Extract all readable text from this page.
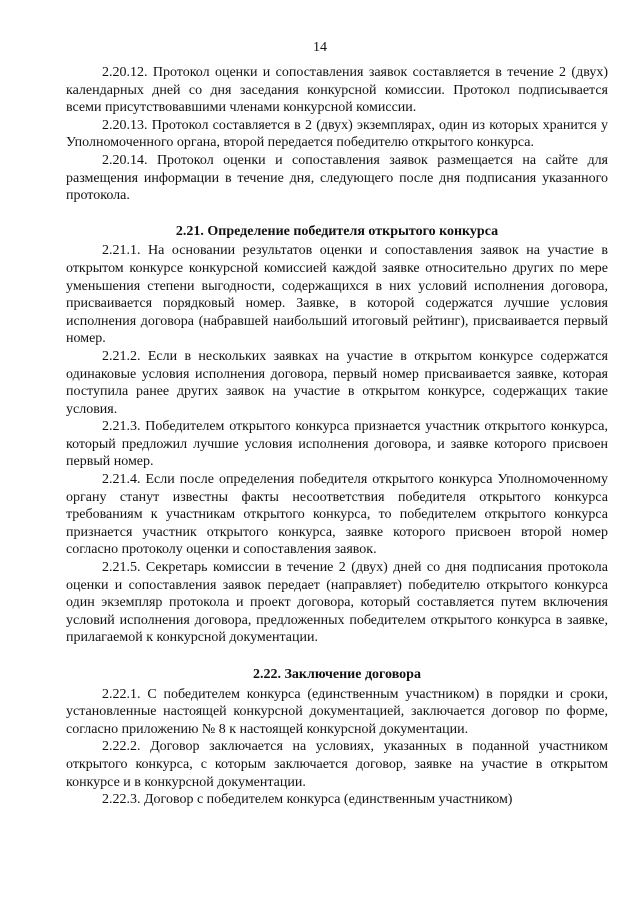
14

2.20.12. Протокол оценки и сопоставления заявок составляется в течение 2 (двух) календарных дней со дня заседания конкурсной комиссии. Протокол подписывается всеми присутствовавшими членами конкурсной комиссии.

2.20.13. Протокол составляется в 2 (двух) экземплярах, один из которых хранится у Уполномоченного органа, второй передается победителю открытого конкурса.

2.20.14. Протокол оценки и сопоставления заявок размещается на сайте для размещения информации в течение дня, следующего после дня подписания указанного протокола.

2.21. Определение победителя открытого конкурса

2.21.1. На основании результатов оценки и сопоставления заявок на участие в открытом конкурсе конкурсной комиссией каждой заявке относительно других по мере уменьшения степени выгодности, содержащихся в них условий исполнения договора, присваивается порядковый номер. Заявке, в которой содержатся лучшие условия исполнения договора (набравшей наибольший итоговый рейтинг), присваивается первый номер.

2.21.2. Если в нескольких заявках на участие в открытом конкурсе содержатся одинаковые условия исполнения договора, первый номер присваивается заявке, которая поступила ранее других заявок на участие в открытом конкурсе, содержащих такие условия.

2.21.3. Победителем открытого конкурса признается участник открытого конкурса, который предложил лучшие условия исполнения договора, и заявке которого присвоен первый номер.

2.21.4. Если после определения победителя открытого конкурса Уполномоченному органу станут известны факты несоответствия победителя открытого конкурса требованиям к участникам открытого конкурса, то победителем открытого конкурса признается участник открытого конкурса, заявке которого присвоен второй номер согласно протоколу оценки и сопоставления заявок.

2.21.5. Секретарь комиссии в течение 2 (двух) дней со дня подписания протокола оценки и сопоставления заявок передает (направляет) победителю открытого конкурса один экземпляр протокола и проект договора, который составляется путем включения условий исполнения договора, предложенных победителем открытого конкурса в заявке, прилагаемой к конкурсной документации.

2.22. Заключение договора

2.22.1. С победителем конкурса (единственным участником) в порядки и сроки, установленные настоящей конкурсной документацией, заключается договор по форме, согласно приложению № 8 к настоящей конкурсной документации.

2.22.2. Договор заключается на условиях, указанных в поданной участником открытого конкурса, с которым заключается договор, заявке на участие в открытом конкурсе и в конкурсной документации.

2.22.3. Договор с победителем конкурса (единственным участником)
